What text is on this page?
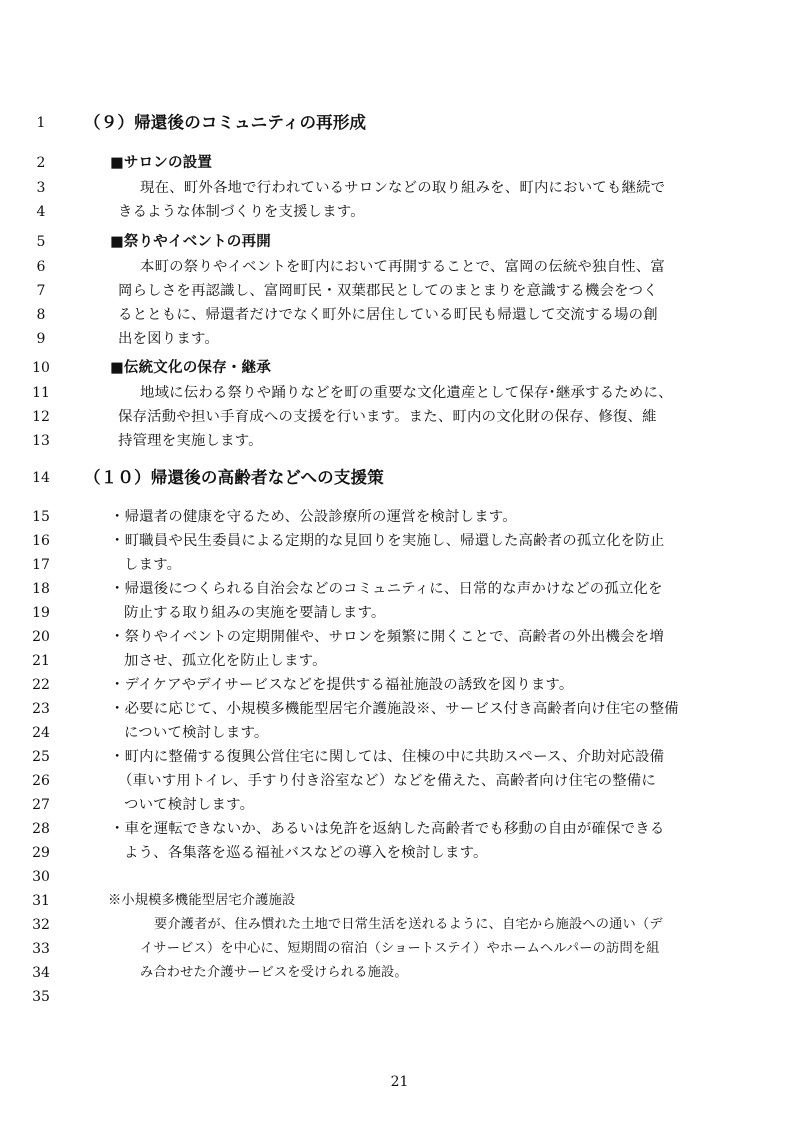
1	（９）帰還後のコミュニティの再形成
2	■サロンの設置
3	現在、町外各地で行われているサロンなどの取り組みを、町内においても継続で
4	きるような体制づくりを支援します。
5	■祭りやイベントの再開
6	本町の祭りやイベントを町内において再開することで、富岡の伝統や独自性、富
7	岡らしさを再認識し、富岡町民・双葉郡民としてのまとまりを意識する機会をつく
8	るとともに、帰還者だけでなく町外に居住している町民も帰還して交流する場の創
9	出を図ります。
10	■伝統文化の保存・継承
11	地域に伝わる祭りや踊りなどを町の重要な文化遺産として保存･継承するために、
12	保存活動や担い手育成への支援を行います。また、町内の文化財の保存、修復、維
13	持管理を実施します。
14	（１０）帰還後の高齢者などへの支援策
15	・帰還者の健康を守るため、公設診療所の運営を検討します。
16	・町職員や民生委員による定期的な見回りを実施し、帰還した高齢者の孤立化を防止
17	します。
18	・帰還後につくられる自治会などのコミュニティに、日常的な声かけなどの孤立化を
19	防止する取り組みの実施を要請します。
20	・祭りやイベントの定期開催や、サロンを頻繁に開くことで、高齢者の外出機会を増
21	加させ、孤立化を防止します。
22	・デイケアやデイサービスなどを提供する福祉施設の誘致を図ります。
23	・必要に応じて、小規模多機能型居宅介護施設※、サービス付き高齢者向け住宅の整備
24	について検討します。
25	・町内に整備する復興公営住宅に関しては、住棟の中に共助スペース、介助対応設備
26	（車いす用トイレ、手すり付き浴室など）などを備えた、高齢者向け住宅の整備に
27	ついて検討します。
28	・車を運転できないか、あるいは免許を返納した高齢者でも移動の自由が確保できる
29	よう、各集落を巡る福祉バスなどの導入を検討します。
30
31	※小規模多機能型居宅介護施設
32	要介護者が、住み慣れた土地で日常生活を送れるように、自宅から施設への通い（デ
33	イサービス）を中心に、短期間の宿泊（ショートステイ）やホームヘルパーの訪問を組
34	み合わせた介護サービスを受けられる施設。
35
21
